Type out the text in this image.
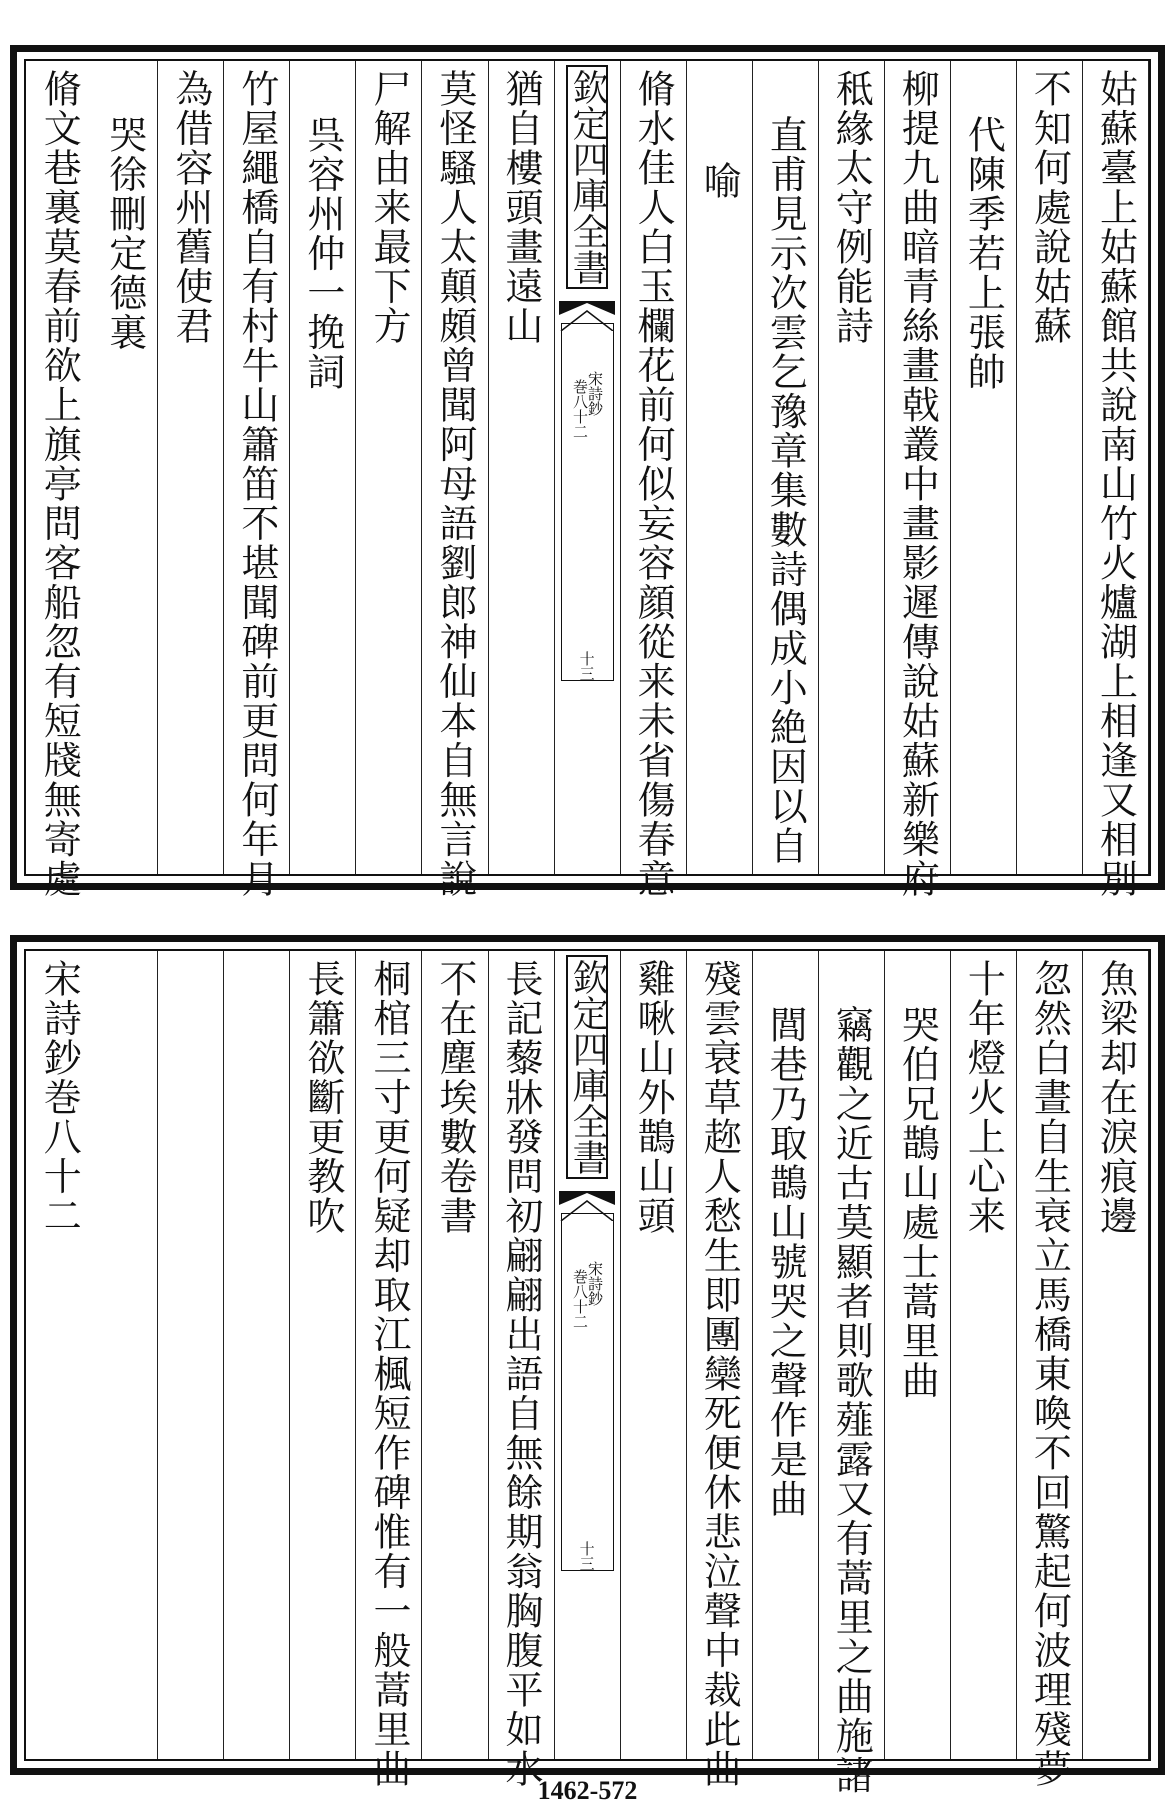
姑蘇臺上姑蘇館共說南山竹火爐湖上相逢又相別
不知何處說姑蘇
代陳季若上張帥
柳提九曲暗青絲畫戟叢中畫影遲傳說姑蘇新樂府
秪緣太守例能詩
直甫見示次雲乞豫章集數詩偶成小絶因以自
喻
脩水佳人白玉欄花前何似妄容顔從来未省傷春意
欽定四庫全書
宋詩鈔
巻八十二
十三
猶自樓頭畫遠山
莫怪騷人太顛頗曾聞阿母語劉郎神仙本自無言說
尸解由来最下方
呉容州仲一挽詞
竹屋繩橋自有村牛山簫笛不堪聞碑前更問何年月
為借容州舊使君
哭徐刪定德裏
脩文巷裏莫春前欲上旗亭問客船忽有短牋無寄處
魚梁却在淚痕邊
忽然白晝自生衰立馬橋東喚不回驚起何波理殘夢
十年燈火上心来
哭伯兄鵲山處士蒿里曲
竊觀之近古莫顯者則歌薤露又有蒿里之曲施諸
閭巷乃取鵲山號哭之聲作是曲
殘雲衰草趂人愁生即團欒死便休悲泣聲中裁此曲
雞啾山外鵲山頭
欽定四庫全書
宋詩鈔
巻八十二
十三
長記藜牀發問初翩翩出語自無餘期翁胸腹平如水
不在塵埃數卷書
桐棺三寸更何疑却取江楓短作碑惟有一般蒿里曲
長簫欲斷更教吹
宋詩鈔巻八十二
1462-572
